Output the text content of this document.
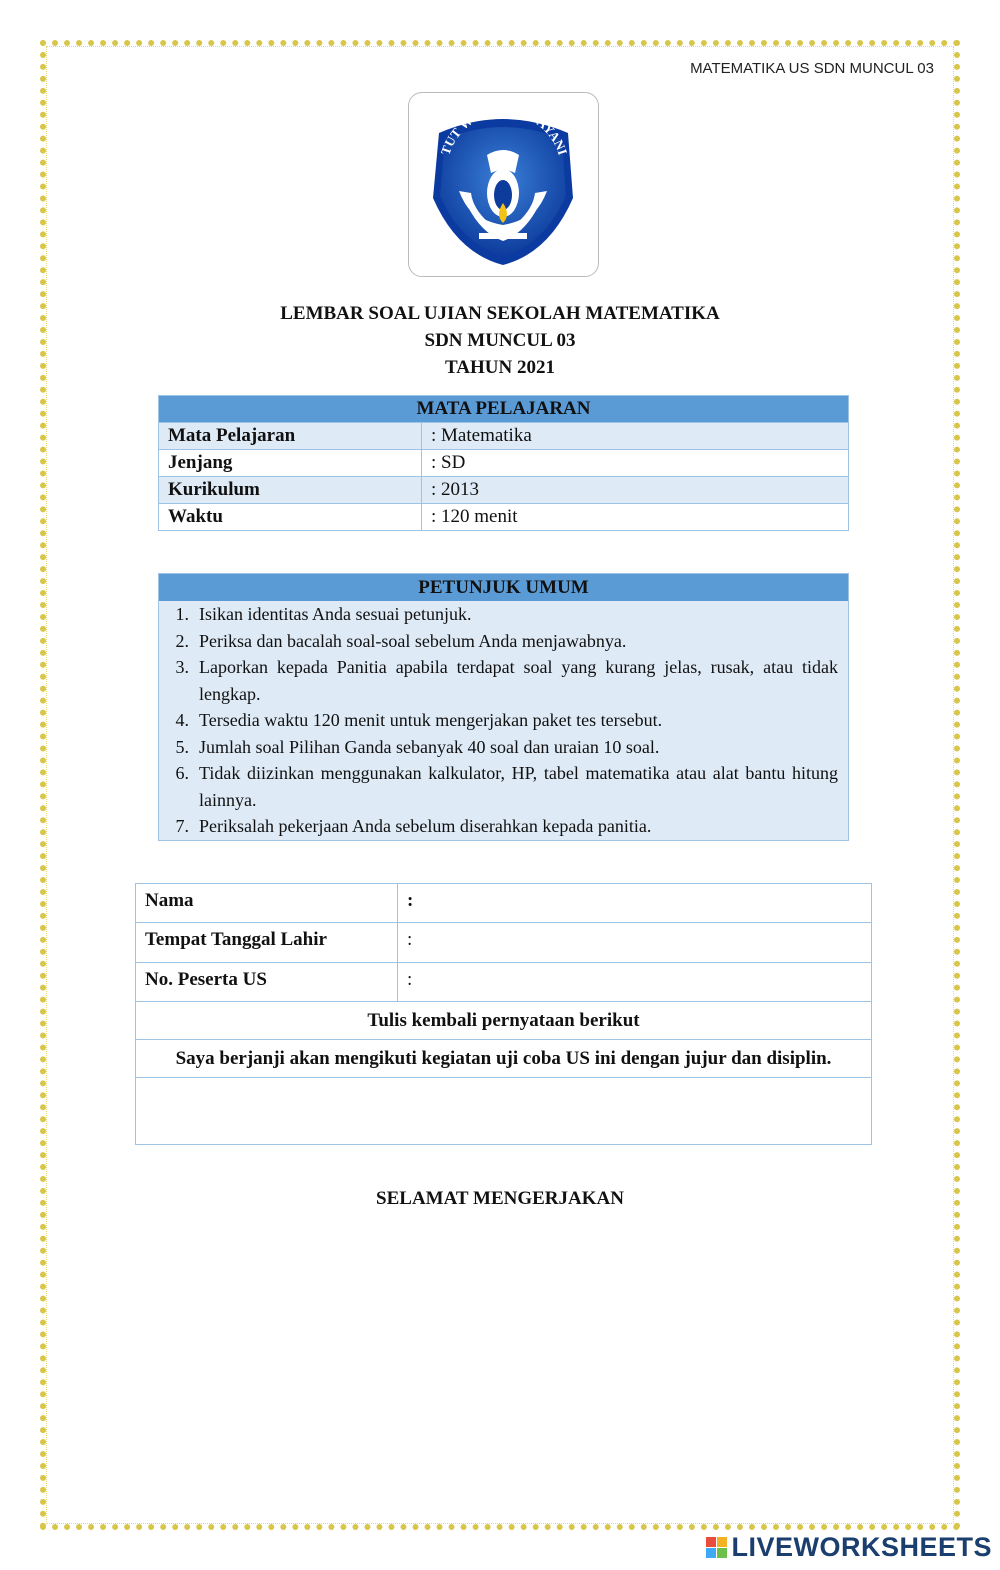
MATEMATIKA US SDN MUNCUL 03
TUT WURI HANDAYANI
LEMBAR SOAL UJIAN SEKOLAH MATEMATIKA
SDN MUNCUL 03
TAHUN 2021
MATA PELAJARAN	
Mata Pelajaran	: Matematika
Jenjang	: SD
Kurikulum	: 2013
Waktu	: 120 menit
PETUNJUK UMUM
1. Isikan identitas Anda sesuai petunjuk.
2. Periksa dan bacalah soal-soal sebelum Anda menjawabnya.
3. Laporkan kepada Panitia apabila terdapat soal yang kurang jelas, rusak, atau tidak lengkap.
4. Tersedia waktu 120 menit untuk mengerjakan paket tes tersebut.
5. Jumlah soal Pilihan Ganda sebanyak 40 soal dan uraian 10 soal.
6. Tidak diizinkan menggunakan kalkulator, HP, tabel matematika atau alat bantu hitung lainnya.
7. Periksalah pekerjaan Anda sebelum diserahkan kepada panitia.
Nama	:
Tempat Tanggal Lahir	:
No. Peserta US	:
Tulis kembali pernyataan berikut	
Saya berjanji akan mengikuti kegiatan uji coba US ini dengan jujur dan disiplin.	

SELAMAT MENGERJAKAN
LIVEWORKSHEETS
